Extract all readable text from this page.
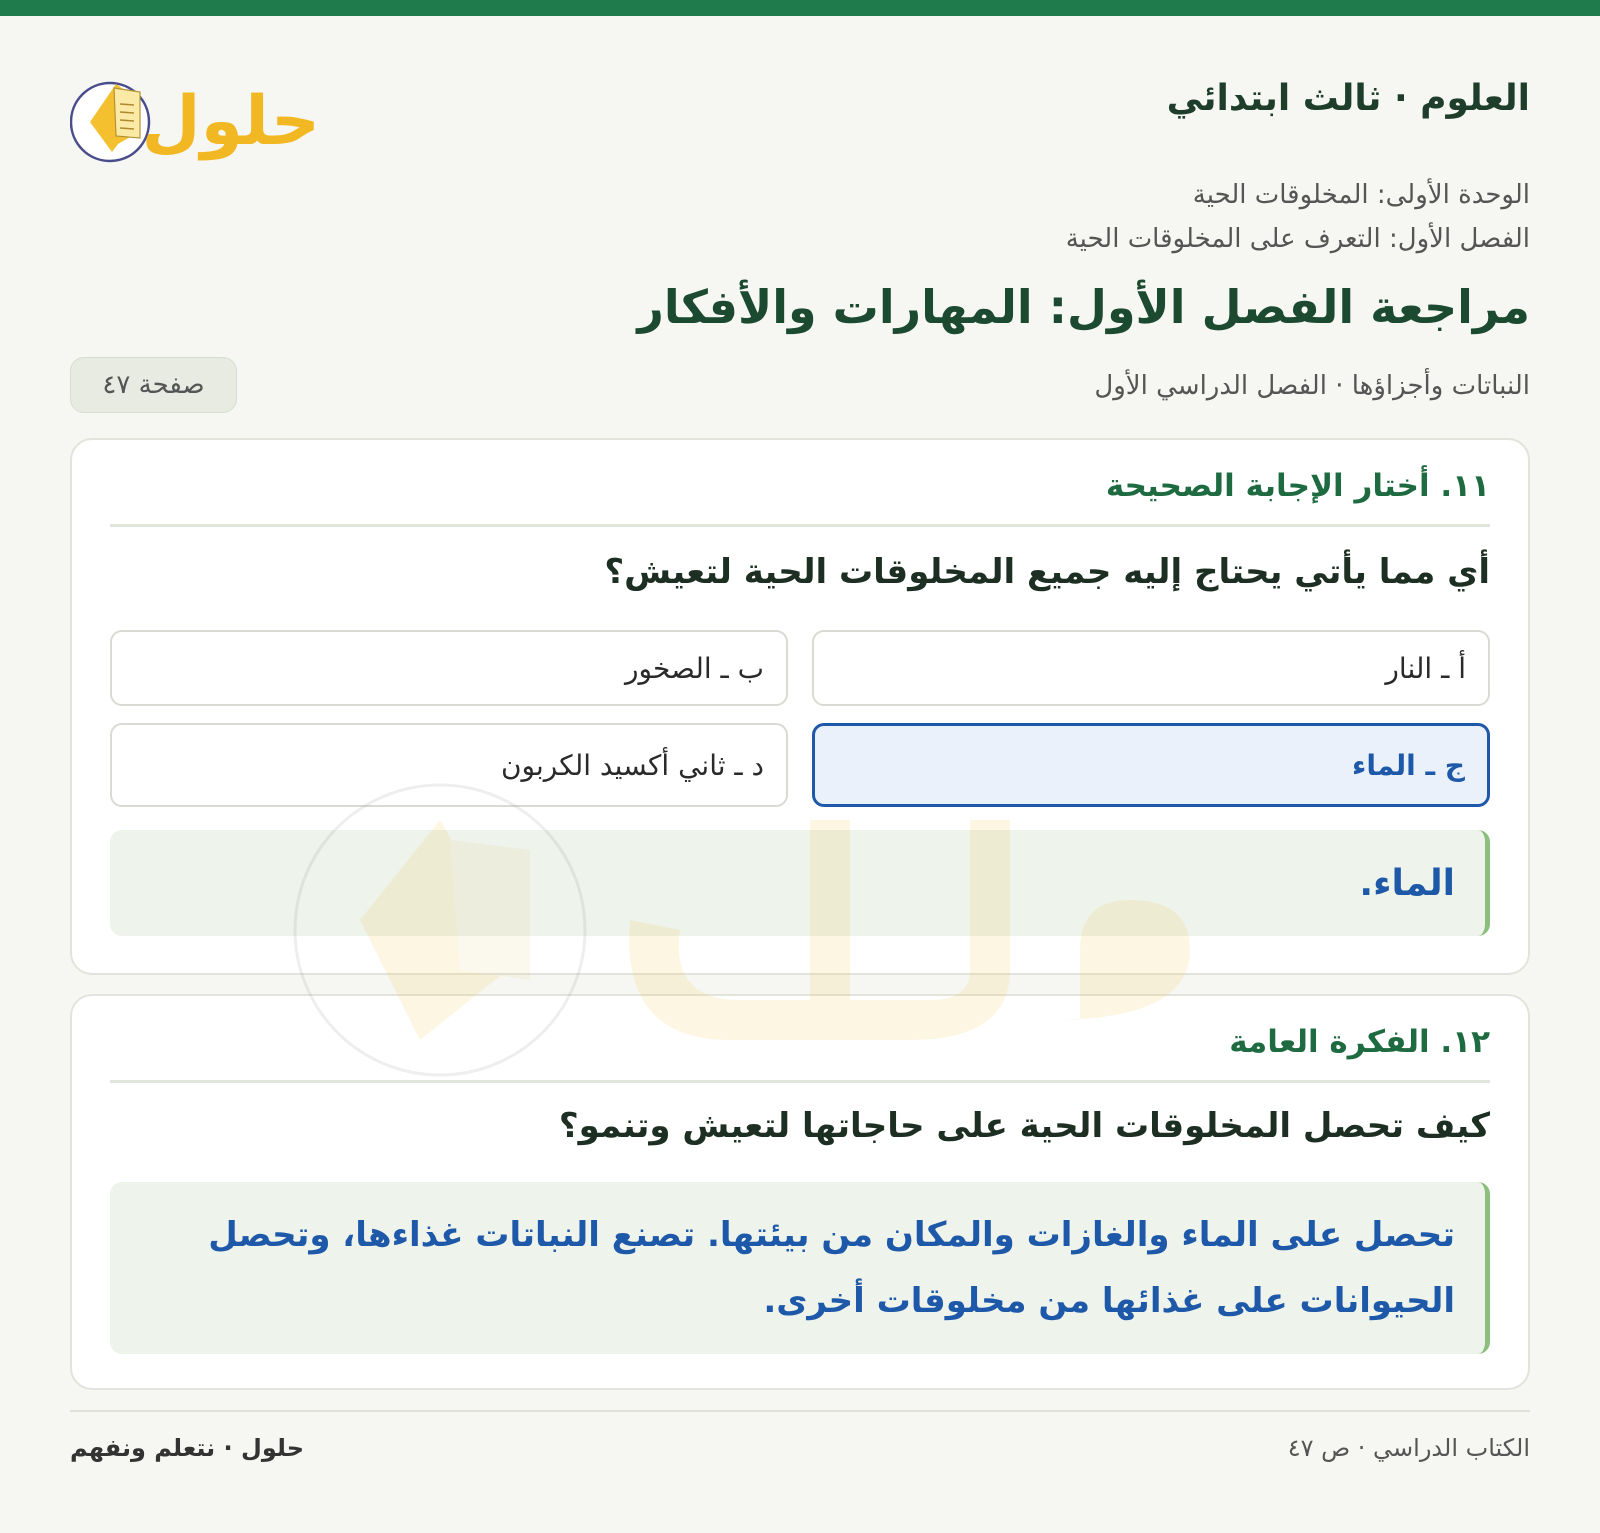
العلوم · ثالث ابتدائي
حلول
الوحدة الأولى: المخلوقات الحية
الفصل الأول: التعرف على المخلوقات الحية
مراجعة الفصل الأول: المهارات والأفكار
النباتات وأجزاؤها · الفصل الدراسي الأول
صفحة ٤٧
١١. أختار الإجابة الصحيحة
أي مما يأتي يحتاج إليه جميع المخلوقات الحية لتعيش؟
أ ـ النار
ب ـ الصخور
ج ـ الماء
د ـ ثاني أكسيد الكربون
الماء.
١٢. الفكرة العامة
كيف تحصل المخلوقات الحية على حاجاتها لتعيش وتنمو؟
تحصل على الماء والغازات والمكان من بيئتها. تصنع النباتات غذاءها، وتحصل الحيوانات على غذائها من مخلوقات أخرى.
الكتاب الدراسي · ص ٤٧
حلول · نتعلم ونفهم
